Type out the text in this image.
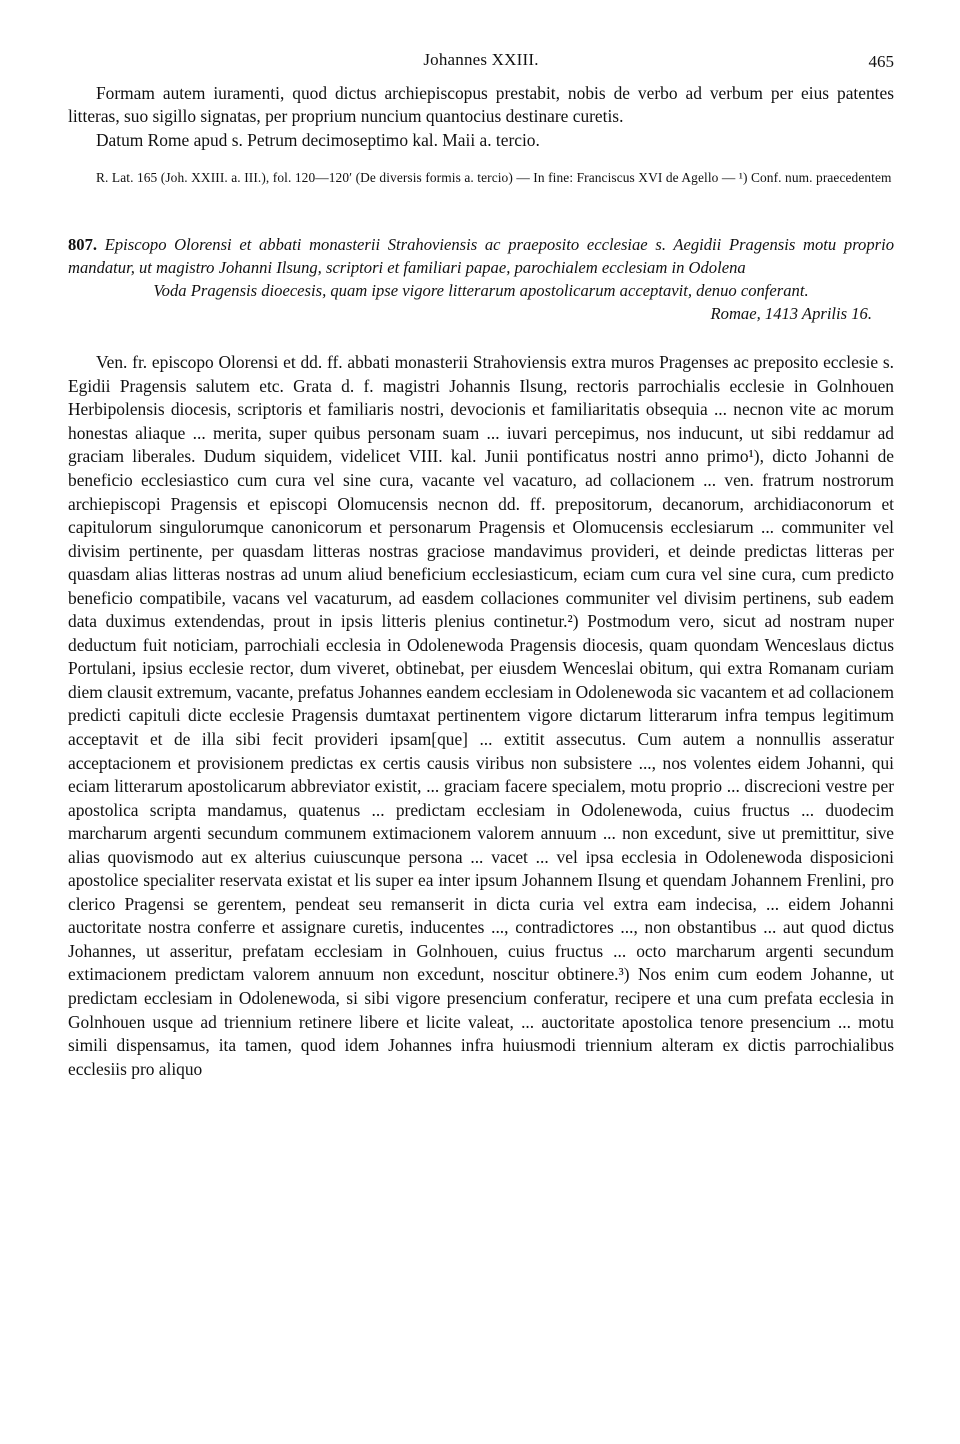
Johannes XXIII.	465

Formam autem iuramenti, quod dictus archiepiscopus prestabit, nobis de verbo ad verbum per eius patentes litteras, suo sigillo signatas, per proprium nuncium quantocius destinare curetis.

Datum Rome apud s. Petrum decimoseptimo kal. Maii a. tercio.

R. Lat. 165 (Joh. XXIII. a. III.), fol. 120—120′ (De diversis formis a. tercio) — In fine: Franciscus XVI de Agello — ¹) Conf. num. praecedentem
807. Episcopo Olorensi et abbati monasterii Strahoviensis ac praeposito ecclesiae s. Aegidii Pragensis motu proprio mandatur, ut magistro Johanni Ilsung, scriptori et familiari papae, parochialem ecclesiam in Odolena
Voda Pragensis dioecesis, quam ipse vigore litterarum apostolicarum acceptavit, denuo conferant.
Romae, 1413 Aprilis 16.

Ven. fr. episcopo Olorensi et dd. ff. abbati monasterii Strahoviensis extra muros Pragenses ac preposito ecclesie s. Egidii Pragensis salutem etc. Grata d. f. magistri Johannis Ilsung, rectoris parrochialis ecclesie in Golnhouen Herbipolensis diocesis, scriptoris et familiaris nostri, devocionis et familiaritatis obsequia ... necnon vite ac morum honestas aliaque ... merita, super quibus personam suam ... iuvari percepimus, nos inducunt, ut sibi reddamur ad graciam liberales. Dudum siquidem, videlicet VIII. kal. Junii pontificatus nostri anno primo¹), dicto Johanni de beneficio ecclesiastico cum cura vel sine cura, vacante vel vacaturo, ad collacionem ... ven. fratrum nostrorum archiepiscopi Pragensis et episcopi Olomucensis necnon dd. ff. prepositorum, decanorum, archidiaconorum et capitulorum singulorumque canonicorum et personarum Pragensis et Olomucensis ecclesiarum ... communiter vel divisim pertinente, per quasdam litteras nostras graciose mandavimus provideri, et deinde predictas litteras per quasdam alias litteras nostras ad unum aliud beneficium ecclesiasticum, eciam cum cura vel sine cura, cum predicto beneficio compatibile, vacans vel vacaturum, ad easdem collaciones communiter vel divisim pertinens, sub eadem data duximus extendendas, prout in ipsis litteris plenius continetur.²) Postmodum vero, sicut ad nostram nuper deductum fuit noticiam, parrochiali ecclesia in Odolenewoda Pragensis diocesis, quam quondam Wenceslaus dictus Portulani, ipsius ecclesie rector, dum viveret, obtinebat, per eiusdem Wenceslai obitum, qui extra Romanam curiam diem clausit extremum, vacante, prefatus Johannes eandem ecclesiam in Odolenewoda sic vacantem et ad collacionem predicti capituli dicte ecclesie Pragensis dumtaxat pertinentem vigore dictarum litterarum infra tempus legitimum acceptavit et de illa sibi fecit provideri ipsam[que] ... extitit assecutus. Cum autem a nonnullis asseratur acceptacionem et provisionem predictas ex certis causis viribus non subsistere ..., nos volentes eidem Johanni, qui eciam litterarum apostolicarum abbreviator existit, ... graciam facere specialem, motu proprio ... discrecioni vestre per apostolica scripta mandamus, quatenus ... predictam ecclesiam in Odolenewoda, cuius fructus ... duodecim marcharum argenti secundum communem extimacionem valorem annuum ... non excedunt, sive ut premittitur, sive alias quovismodo aut ex alterius cuiuscunque persona ... vacet ... vel ipsa ecclesia in Odolenewoda disposicioni apostolice specialiter reservata existat et lis super ea inter ipsum Johannem Ilsung et quendam Johannem Frenlini, pro clerico Pragensi se gerentem, pendeat seu remanserit in dicta curia vel extra eam indecisa, ... eidem Johanni auctoritate nostra conferre et assignare curetis, inducentes ..., contradictores ..., non obstantibus ... aut quod dictus Johannes, ut asseritur, prefatam ecclesiam in Golnhouen, cuius fructus ... octo marcharum argenti secundum extimacionem predictam valorem annuum non excedunt, noscitur obtinere.³) Nos enim cum eodem Johanne, ut predictam ecclesiam in Odolenewoda, si sibi vigore presencium conferatur, recipere et una cum prefata ecclesia in Golnhouen usque ad triennium retinere libere et licite valeat, ... auctoritate apostolica tenore presencium ... motu simili dispensamus, ita tamen, quod idem Johannes infra huiusmodi triennium alteram ex dictis parrochialibus ecclesiis pro aliquo
